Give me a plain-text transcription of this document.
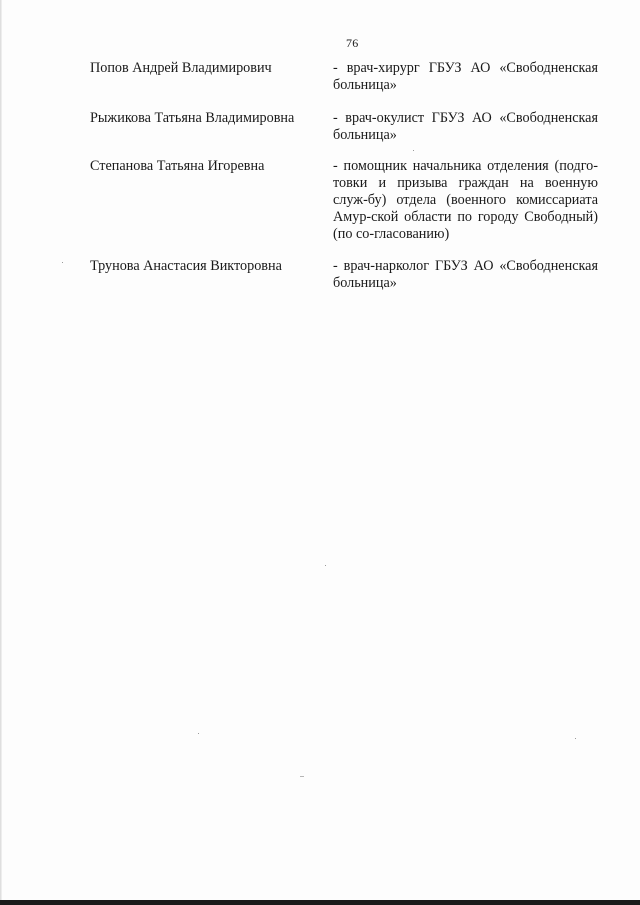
76
Попов Андрей Владимирович	- врач-хирург ГБУЗ АО «Свободненская больница»
Рыжикова Татьяна Владимировна	- врач-окулист ГБУЗ АО «Свободненская больница»
Степанова Татьяна Игоревна	- помощник начальника отделения (подго-товки и призыва граждан на военную служ-бу) отдела (военного комиссариата Амур-ской области по городу Свободный) (по со-гласованию)
Трунова Анастасия Викторовна	- врач-нарколог ГБУЗ АО «Свободненская больница»
